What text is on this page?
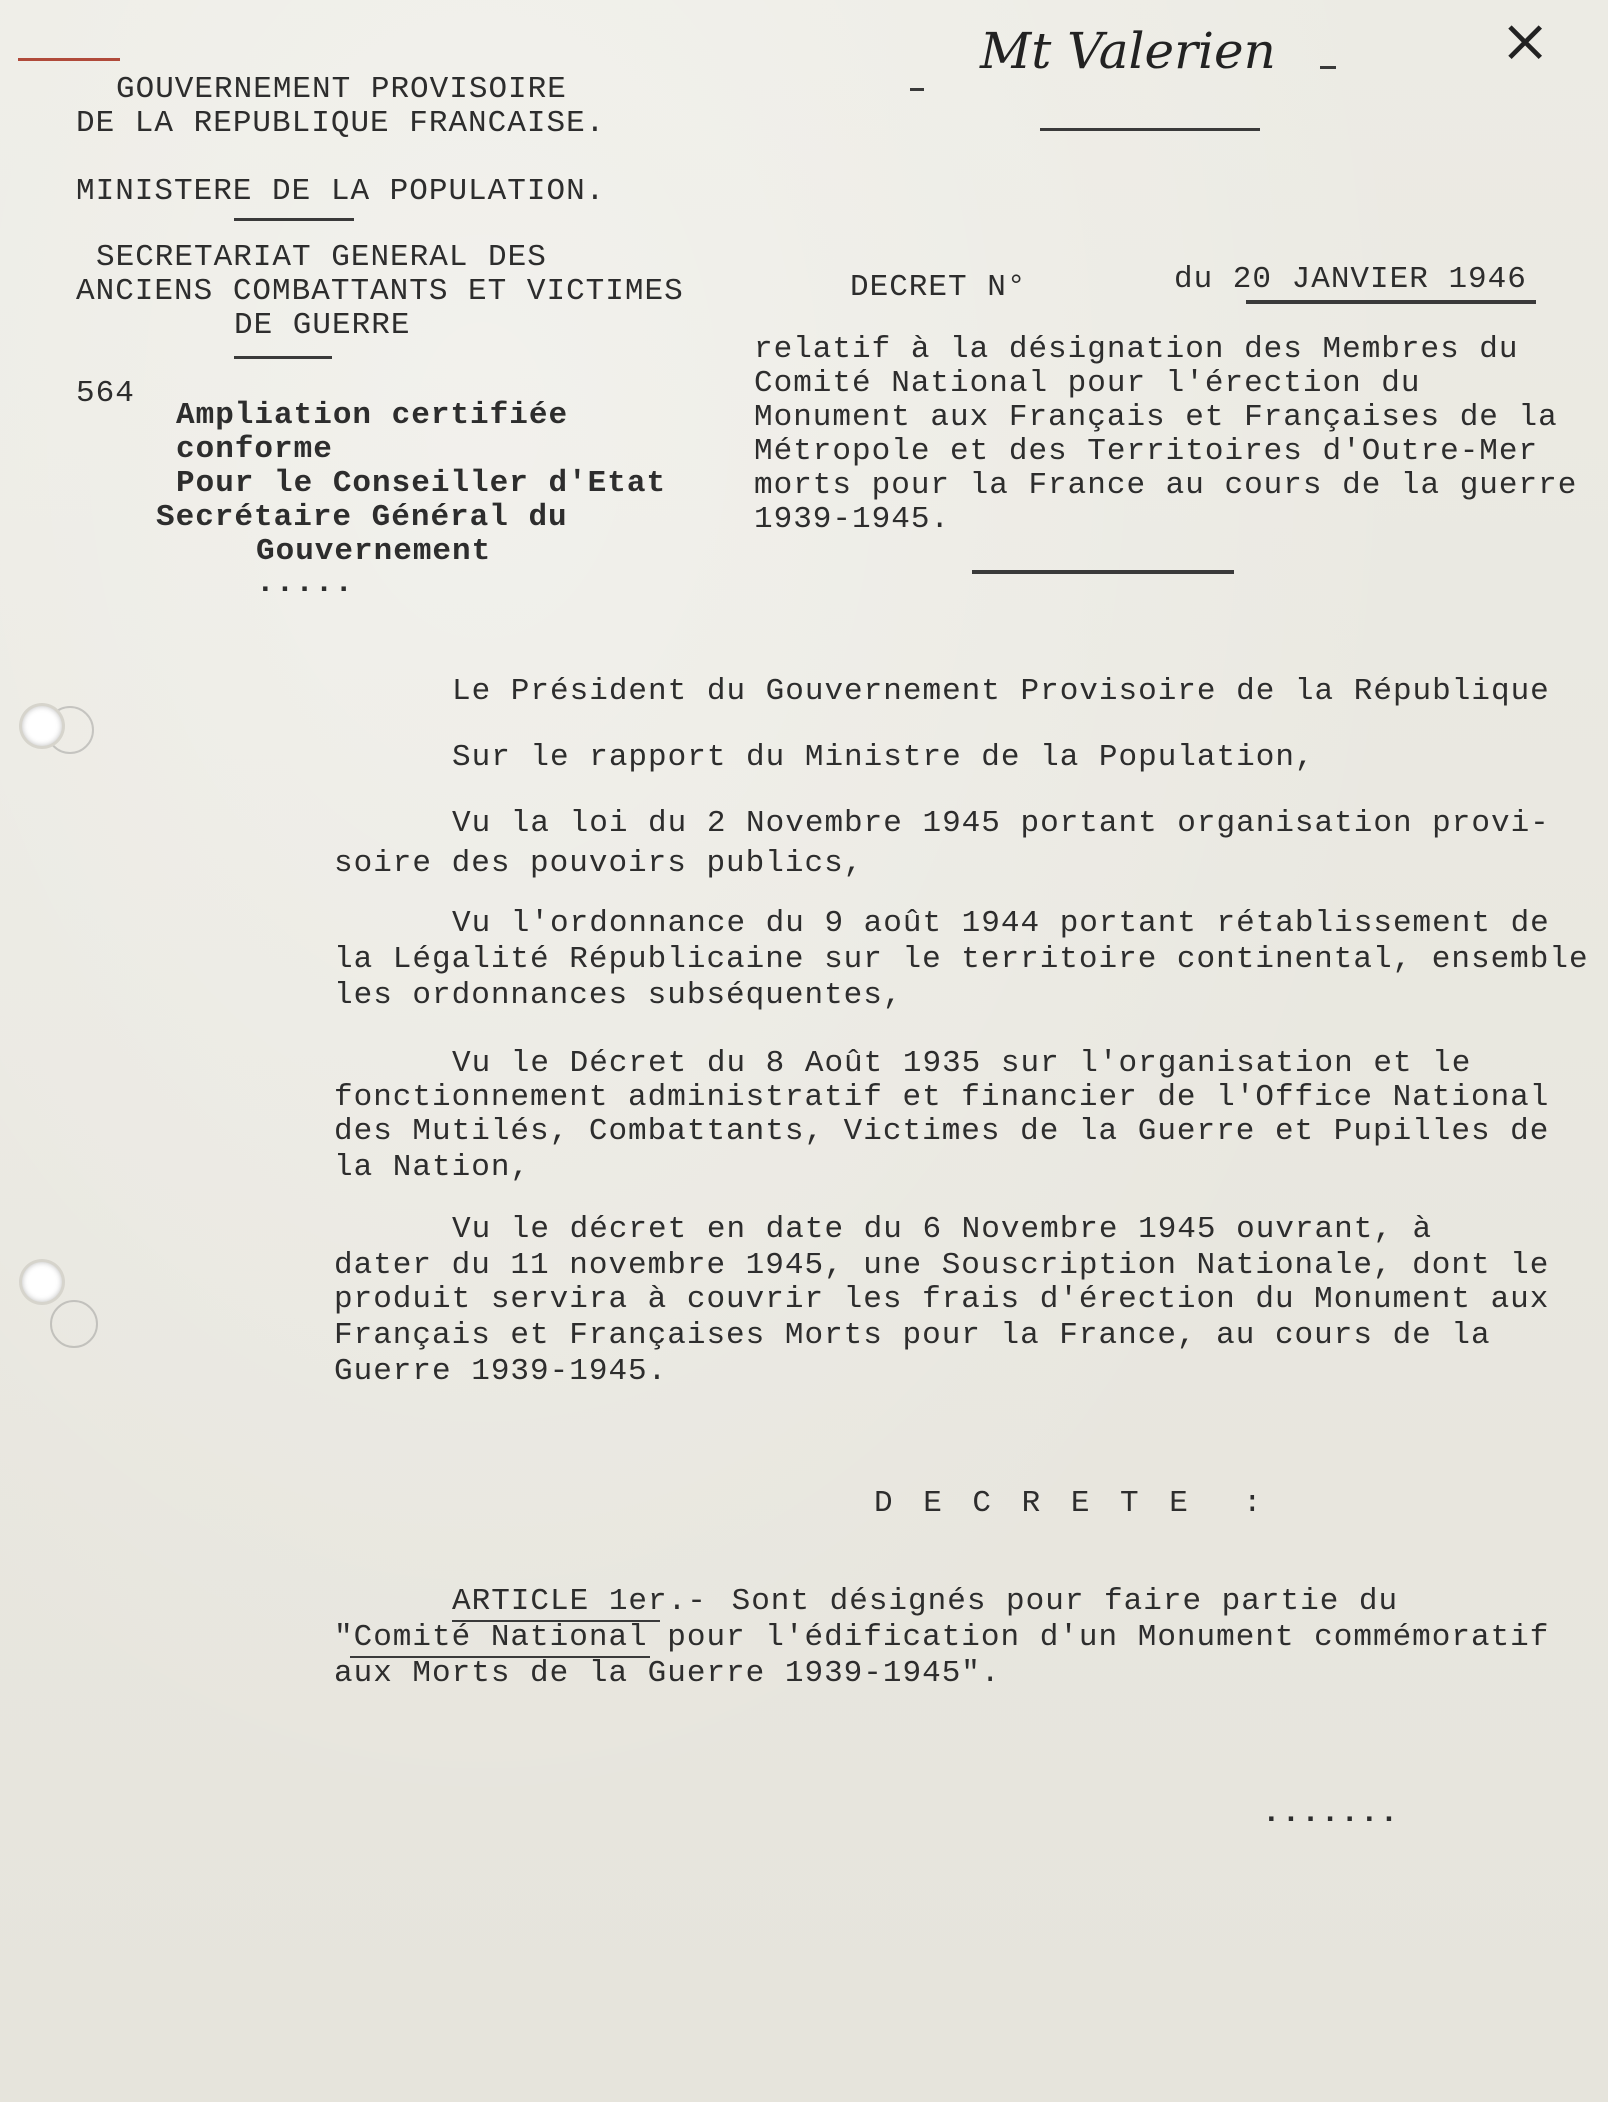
GOUVERNEMENT PROVISOIRE
DE LA REPUBLIQUE FRANCAISE.
MINISTERE DE LA POPULATION.
SECRETARIAT GENERAL DES
ANCIENS COMBATTANTS ET VICTIMES
DE GUERRE
564
Ampliation certifiée
conforme
Pour le Conseiller d'Etat
Secrétaire Général du
Gouvernement
.....
Mt Valerien	×
DECRET N°	du 20 JANVIER 1946
relatif à la désignation des Membres du
Comité National pour l'érection du
Monument aux Français et Françaises de la
Métropole et des Territoires d'Outre-Mer
morts pour la France au cours de la guerre
1939-1945.
Le Président du Gouvernement Provisoire de la République
Sur le rapport du Ministre de la Population,
Vu la loi du 2 Novembre 1945 portant organisation provi-
soire des pouvoirs publics,
Vu l'ordonnance du 9 août 1944 portant rétablissement de
la Légalité Républicaine sur le territoire continental, ensemble
les ordonnances subséquentes,
Vu le Décret du 8 Août 1935 sur l'organisation et le
fonctionnement administratif et financier de l'Office National
des Mutilés, Combattants, Victimes de la Guerre et Pupilles de
la Nation,
Vu le décret en date du 6 Novembre 1945 ouvrant, à
dater du 11 novembre 1945, une Souscription Nationale, dont le
produit servira à couvrir les frais d'érection du Monument aux
Français et Françaises Morts pour la France, au cours de la
Guerre 1939-1945.
D E C R E T E  :
ARTICLE 1er.- Sont désignés pour faire partie du
"Comité National pour l'édification d'un Monument commémoratif
aux Morts de la Guerre 1939-1945".
.......
